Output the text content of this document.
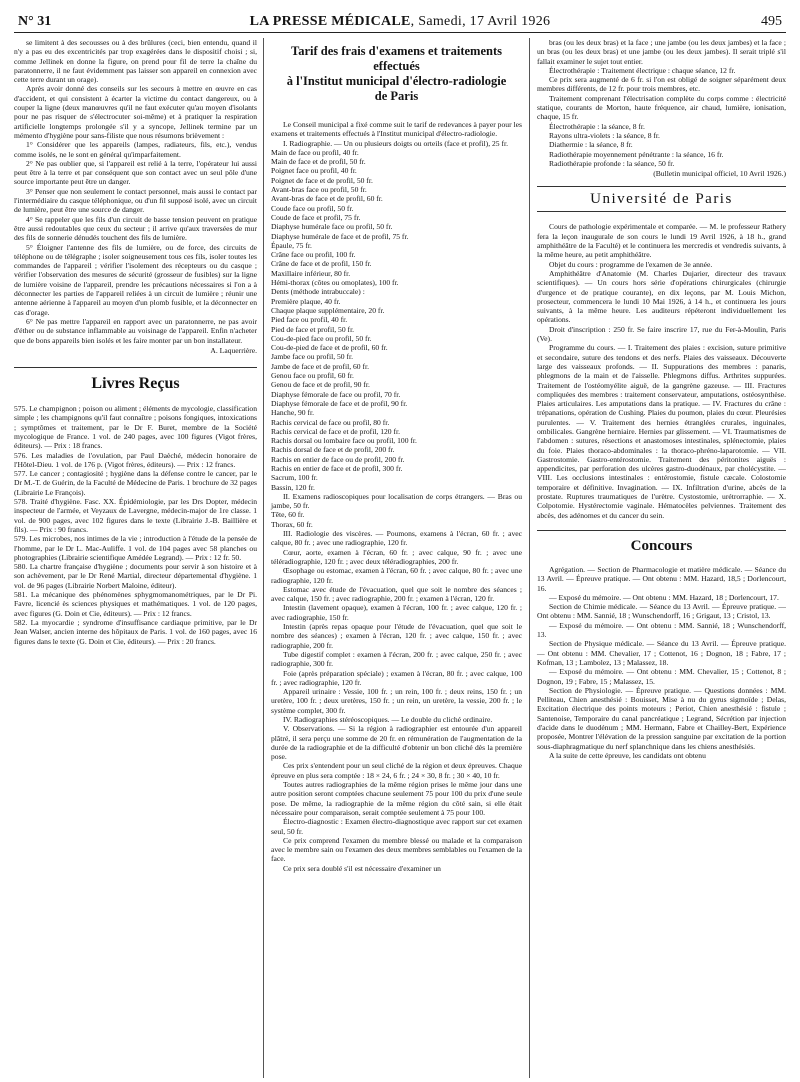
N° 31	LA PRESSE MÉDICALE, Samedi, 17 Avril 1926	495

se limitent à des secousses ou à des brûlures (ceci, bien entendu, quand il n'y a pas eu des excentricités par trop exagérées dans le dispositif choisi ; si, comme Jellinek en donne la figure, on prend pour fil de terre la chaîne du paratonnerre, il ne faut évidemment pas laisser son appareil en connexion avec cette terre durant un orage).

Après avoir donné des conseils sur les secours à mettre en œuvre en cas d'accident, et qui consistent à écarter la victime du contact dangereux, ou à couper la ligne (deux manœuvres qu'il ne faut exécuter qu'au moyen d'isolants pour ne pas risquer de s'électrocuter soi-même) et à pratiquer la respiration artificielle longtemps prolongée s'il y a syncope, Jellinek termine par un mémento d'hygiène pour sans-filiste que nous résumons brièvement :

1° Considérer que les appareils (lampes, radiateurs, fils, etc.), vendus comme isolés, ne le sont en général qu'imparfaitement.

2° Ne pas oublier que, si l'appareil est relié à la terre, l'opérateur lui aussi peut être à la terre et par conséquent que son contact avec un seul pôle d'une source importante peut être un danger.

3° Penser que non seulement le contact personnel, mais aussi le contact par l'intermédiaire du casque téléphonique, ou d'un fil supposé isolé, avec un circuit de lumière, peut être une source de danger.

4° Se rappeler que les fils d'un circuit de basse tension peuvent en pratique être aussi redoutables que ceux du secteur ; il arrive qu'aux traversées de mur des fils de sonnerie dénudés touchent des fils de lumière.

5° Éloigner l'antenne des fils de lumière, ou de force, des circuits de téléphone ou de télégraphe ; isoler soigneusement tous ces fils, isoler toutes les commandes de l'appareil ; vérifier l'isolement des récepteurs ou du casque ; vérifier l'observation des mesures de sécurité (grosseur de fusibles) sur la ligne de lumière voisine de l'appareil, prendre les précautions nécessaires si l'on a à déconnecter les parties de l'appareil reliées à un circuit de lumière ; réunir une antenne aérienne à l'appareil au moyen d'un plomb fusible, et la déconnecter en cas d'orage.

6° Ne pas mettre l'appareil en rapport avec un paratonnerre, ne pas avoir d'éther ou de substance inflammable au voisinage de l'appareil. Enfin n'acheter que de bons appareils bien isolés et les faire monter par un bon installateur.

A. Laquerrière.
Livres Reçus

575. Le champignon ; poison ou aliment ; éléments de mycologie, classification simple ; les champignons qu'il faut connaître ; poisons fongiques, intoxications ; symptômes et traitement, par le Dr F. Buret, membre de la Société mycologique de France. 1 vol. de 240 pages, avec 100 figures (Vigot frères, éditeurs). — Prix : 18 francs.

576. Les maladies de l'ovulation, par Paul Daèché, médecin honoraire de l'Hôtel-Dieu. 1 vol. de 176 p. (Vigot frères, éditeurs). — Prix : 12 francs.

577. Le cancer ; contagiosité ; hygiène dans la défense contre le cancer, par le Dr M.-T. de Guérin, de la Faculté de Médecine de Paris. 1 brochure de 32 pages (Librairie Le François).

578. Traité d'hygiène. Fasc. XX. Épidémiologie, par les Drs Dopter, médecin inspecteur de l'armée, et Veyzaux de Lavergne, médecin-major de 1re classe. 1 vol. de 900 pages, avec 102 figures dans le texte (Librairie J.-B. Baillière et fils). — Prix : 90 francs.

579. Les microbes, nos intimes de la vie ; introduction à l'étude de la pensée de l'homme, par le Dr L. Mac-Auliffe. 1 vol. de 104 pages avec 58 planches ou photographies (Librairie scientifique Amédée Legrand). — Prix : 12 fr. 50.

580. La chartre française d'hygiène ; documents pour servir à son histoire et à son achèvement, par le Dr René Martial, directeur départemental d'hygiène. 1 vol. de 96 pages (Librairie Norbert Maloine, éditeur).

581. La mécanique des phénomènes sphygmomanométriques, par le Dr Pi. Favre, licencié ès sciences physiques et mathématiques. 1 vol. de 120 pages, avec figures (G. Doin et Cie, éditeurs). — Prix : 12 francs.

582. La myocardie ; syndrome d'insuffisance cardiaque primitive, par le Dr Jean Walser, ancien interne des hôpitaux de Paris. 1 vol. de 160 pages, avec 16 figures dans le texte (G. Doin et Cie, éditeurs). — Prix : 20 francs.

Tarif des frais d'examens et traitements
effectués
à l'Institut municipal d'électro-radiologie
de Paris

Le Conseil municipal a fixé comme suit le tarif de redevances à payer pour les examens et traitements effectués à l'Institut municipal d'électro-radiologie.

I. Radiographie. — Un ou plusieurs doigts ou orteils (face et profil), 25 fr.

Main de face ou profil, 40 fr.

Main de face et de profil, 50 fr.

Poignet face ou profil, 40 fr.

Poignet de face et de profil, 50 fr.

Avant-bras face ou profil, 50 fr.

Avant-bras de face et de profil, 60 fr.

Coude face ou profil, 50 fr.

Coude de face et profil, 75 fr.

Diaphyse humérale face ou profil, 50 fr.

Diaphyse humérale de face et de profil, 75 fr.

Épaule, 75 fr.

Crâne face ou profil, 100 fr.

Crâne de face et de profil, 150 fr.

Maxillaire inférieur, 80 fr.

Hémi-thorax (côtes ou omoplates), 100 fr.

Dents (méthode intrabuccale) :

Première plaque, 40 fr.

Chaque plaque supplémentaire, 20 fr.

Pied face ou profil, 40 fr.

Pied de face et profil, 50 fr.

Cou-de-pied face ou profil, 50 fr.

Cou-de-pied de face et de profil, 60 fr.

Jambe face ou profil, 50 fr.

Jambe de face et de profil, 60 fr.

Genou face ou profil, 60 fr.

Genou de face et de profil, 90 fr.

Diaphyse fémorale de face ou profil, 70 fr.

Diaphyse fémorale de face et de profil, 90 fr.

Hanche, 90 fr.

Rachis cervical de face ou profil, 80 fr.

Rachis cervical de face et de profil, 120 fr.

Rachis dorsal ou lombaire face ou profil, 100 fr.

Rachis dorsal de face et de profil, 200 fr.

Rachis en entier de face ou de profil, 200 fr.

Rachis en entier de face et de profil, 300 fr.

Sacrum, 100 fr.

Bassin, 120 fr.

II. Examens radioscopiques pour localisation de corps étrangers. — Bras ou jambe, 50 fr.

Tête, 60 fr.

Thorax, 60 fr.

III. Radiologie des viscères. — Poumons, examens à l'écran, 60 fr. ; avec calque, 80 fr. ; avec une radiographie, 120 fr.

Cœur, aorte, examen à l'écran, 60 fr. ; avec calque, 90 fr. ; avec une téléradiographie, 120 fr. ; avec deux téléradiographies, 200 fr.

Œsophage ou estomac, examen à l'écran, 60 fr. ; avec calque, 80 fr. ; avec une radiographie, 120 fr.

Estomac avec étude de l'évacuation, quel que soit le nombre des séances ; avec calque, 150 fr. ; avec radiographie, 200 fr. ; examen à l'écran, 120 fr.

Intestin (lavement opaque), examen à l'écran, 100 fr. ; avec calque, 120 fr. ; avec radiographie, 150 fr.

Intestin (après repas opaque pour l'étude de l'évacuation, quel que soit le nombre des séances) ; examen à l'écran, 120 fr. ; avec calque, 150 fr. ; avec radiographie, 200 fr.

Tube digestif complet : examen à l'écran, 200 fr. ; avec calque, 250 fr. ; avec radiographie, 300 fr.

Foie (après préparation spéciale) ; examen à l'écran, 80 fr. ; avec calque, 100 fr. ; avec radiographie, 120 fr.

Appareil urinaire : Vessie, 100 fr. ; un rein, 100 fr. ; deux reins, 150 fr. ; un uretère, 100 fr. ; deux uretères, 150 fr. ; un rein, un uretère, la vessie, 200 fr. ; le système complet, 300 fr.

IV. Radiographies stéréoscopiques. — Le double du cliché ordinaire.

V. Observations. — Si la région à radiographier est entourée d'un appareil plâtré, il sera perçu une somme de 20 fr. en rémunération de l'augmentation de la durée de la radiographie et de la difficulté d'obtenir un bon cliché dès la première pose.

Ces prix s'entendent pour un seul cliché de la région et deux épreuves. Chaque épreuve en plus sera comptée : 18 × 24, 6 fr. ; 24 × 30, 8 fr. ; 30 × 40, 10 fr.

Toutes autres radiographies de la même région prises le même jour dans une autre position seront comptées chacune seulement 75 pour 100 du prix d'une seule pose. De même, la radiographie de la même région du côté sain, si elle était nécessaire pour comparaison, serait comptée seulement à 75 pour 100.

Électro-diagnostic : Examen électro-diagnostique avec rapport sur cet examen seul, 50 fr.

Ce prix comprend l'examen du membre blessé ou malade et la comparaison avec le membre sain ou l'examen des deux membres semblables ou l'examen de la face.

Ce prix sera doublé s'il est nécessaire d'examiner un

bras (ou les deux bras) et la face ; une jambe (ou les deux jambes) et la face ; un bras (ou les deux bras) et une jambe (ou les deux jambes). Il serait triplé s'il fallait examiner le sujet tout entier.

Électrothérapie : Traitement électrique : chaque séance, 12 fr.

Ce prix sera augmenté de 6 fr. si l'on est obligé de soigner séparément deux membres différents, de 12 fr. pour trois membres, etc.

Traitement comprenant l'électrisation complète du corps comme : électricité statique, courants de Morton, haute fréquence, air chaud, lumière, ionisation, chaque, 15 fr.

Électrothérapie : la séance, 8 fr.

Rayons ultra-violets : la séance, 8 fr.

Diathermie : la séance, 8 fr.

Radiothérapie moyennement pénétrante : la séance, 16 fr.

Radiothérapie profonde : la séance, 50 fr.

(Bulletin municipal officiel, 10 Avril 1926.)
Université de Paris

Cours de pathologie expérimentale et comparée. — M. le professeur Rathery fera la leçon inaugurale de son cours le lundi 19 Avril 1926, à 18 h., grand amphithéâtre de la Faculté) et le continuera les mercredis et vendredis suivants, à la même heure, au petit amphithéâtre.

Objet du cours : programme de l'examen de 3e année.

Amphithéâtre d'Anatomie (M. Charles Dujarier, directeur des travaux scientifiques). — Un cours hors série d'opérations chirurgicales (chirurgie d'urgence et de pratique courante), en dix leçons, par M. Louis Michon, prosecteur, commencera le lundi 10 Mai 1926, à 14 h., et continuera les jours suivants, à la même heure. Les auditeurs répéteront individuellement les opérations.

Droit d'inscription : 250 fr. Se faire inscrire 17, rue du Fer-à-Moulin, Paris (Ve).

Programme du cours. — I. Traitement des plaies : excision, suture primitive et secondaire, suture des tendons et des nerfs. Plaies des vaisseaux. Découverte large des vaisseaux profonds. — II. Suppurations des membres : panaris, phlegmons de la main et de l'aisselle. Phlegmons diffus. Arthrites suppurées. Traitement de l'ostéomyélite aiguë, de la gangrène gazeuse. — III. Fractures compliquées des membres : traitement conservateur, amputations, ostéosynthèse. Plaies articulaires. Les amputations dans la pratique. — IV. Fractures du crâne : trépanations, opération de Cushing. Plaies du poumon, plaies du cœur. Pleurésies purulentes. — V. Traitement des hernies étranglées crurales, inguinales, ombilicales. Gangrène herniaire. Hernies par glissement. — VI. Traumatismes de l'abdomen : sutures, résections et anastomoses intestinales, splénectomie, plaies du foie. Plaies thoraco-abdominales : la thoraco-phréno-laparotomie. — VII. Gastrostomie. Gastro-entérostomie. Traitement des péritonites aiguës : appendicites, par perforation des ulcères gastro-duodénaux, par cholécystite. — VIII. Les occlusions intestinales : entérostomie, fistule cæcale. Colostomie temporaire et définitive. Invagination. — IX. Infiltration d'urine, abcès de la prostate. Ruptures traumatiques de l'urètre. Cystostomie, urétrorraphie. — X. Colpotomie. Hystérectomie vaginale. Hématocèles pelviennes. Traitement des abcès, des adénomes et du cancer du sein.

Concours

Agrégation. — Section de Pharmacologie et matière médicale. — Séance du 13 Avril. — Épreuve pratique. — Ont obtenu : MM. Hazard, 18,5 ; Dorlencourt, 16.

— Exposé du mémoire. — Ont obtenu : MM. Hazard, 18 ; Dorlencourt, 17.

Section de Chimie médicale. — Séance du 13 Avril. — Épreuve pratique. — Ont obtenu : MM. Sannié, 18 ; Wunschendorff, 16 ; Grigaut, 13 ; Cristol, 13.

— Exposé du mémoire. — Ont obtenu : MM. Sannié, 18 ; Wunschendorff, 13.

Section de Physique médicale. — Séance du 13 Avril. — Épreuve pratique. — Ont obtenu : MM. Chevalier, 17 ; Cottenot, 16 ; Dognon, 18 ; Fabre, 17 ; Kofman, 13 ; Lambolez, 13 ; Malassez, 18.

— Exposé du mémoire. — Ont obtenu : MM. Chevalier, 15 ; Cottenot, 8 ; Dognon, 19 ; Fabre, 15 ; Malassez, 15.

Section de Physiologie. — Épreuve pratique. — Questions données : MM. Pelliteau, Chien anesthésié : Bouisset, Mise à nu du gyrus sigmoïde ; Delas, Excitation électrique des points moteurs ; Periot, Chien anesthésié : fistule ; Santenoise, Temporaire du canal pancréatique ; Legrand, Sécrétion par injection d'acide dans le duodénum ; MM. Hermann, Fabre et Chailley-Bert, Expérience proposée, Montrer l'élévation de la pression sanguine par excitation de la portion sous-diaphragmatique du nerf splanchnique dans les chiens anesthésiés.

A la suite de cette épreuve, les candidats ont obtenu
